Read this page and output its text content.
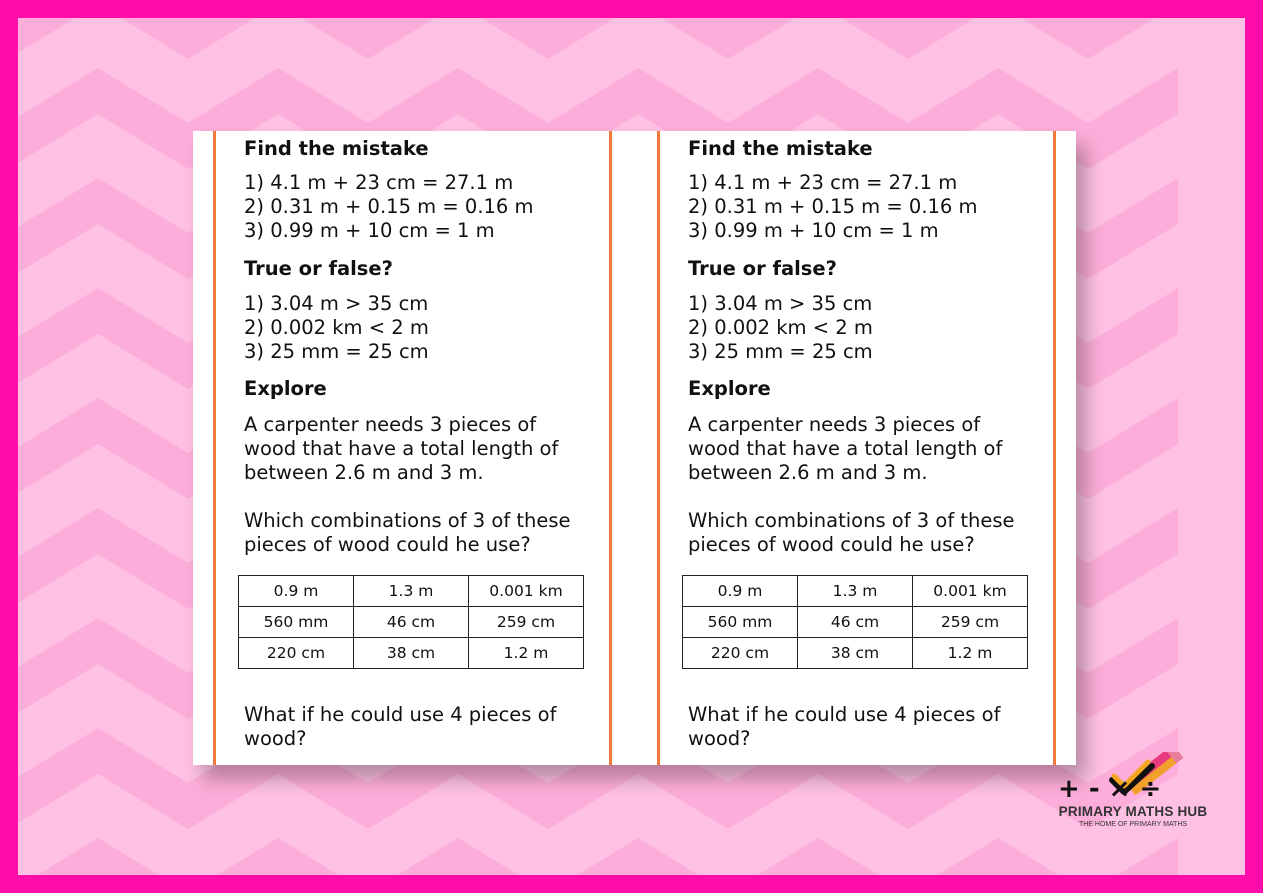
Find the mistake
1) 4.1 m + 23 cm = 27.1 m
2) 0.31 m + 0.15 m = 0.16 m
3) 0.99 m + 10 cm = 1 m
True or false?
1) 3.04 m > 35 cm
2) 0.002 km < 2 m
3) 25 mm = 25 cm
Explore
A carpenter needs 3 pieces of
wood that have a total length of
between 2.6 m and 3 m.
Which combinations of 3 of these
pieces of wood could he use?
0.9 m	1.3 m	0.001 km
560 mm	46 cm	259 cm
220 cm	38 cm	1.2 m
What if he could use 4 pieces of
wood?
Find the mistake
1) 4.1 m + 23 cm = 27.1 m
2) 0.31 m + 0.15 m = 0.16 m
3) 0.99 m + 10 cm = 1 m
True or false?
1) 3.04 m > 35 cm
2) 0.002 km < 2 m
3) 25 mm = 25 cm
Explore
A carpenter needs 3 pieces of
wood that have a total length of
between 2.6 m and 3 m.
Which combinations of 3 of these
pieces of wood could he use?
0.9 m	1.3 m	0.001 km
560 mm	46 cm	259 cm
220 cm	38 cm	1.2 m
What if he could use 4 pieces of
wood?
+ - × ÷
PRIMARY MATHS HUB
THE HOME OF PRIMARY MATHS
